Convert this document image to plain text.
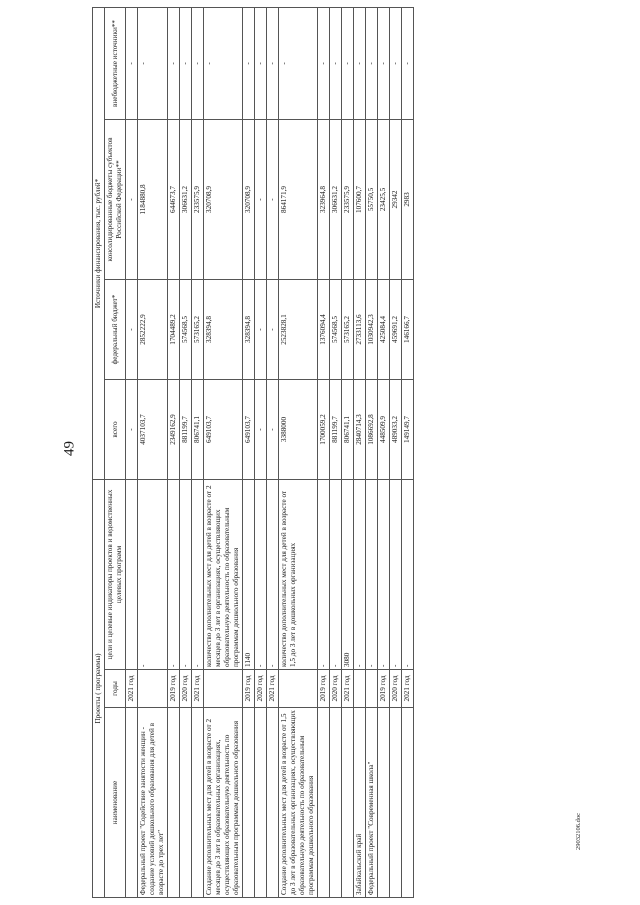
49
29032106.doc
Проекты ( программы)			Источники финансирования, тыс. рублей*			
наименование	годы	цели и целевые индикаторы проектов и ведомственных целевых программ	всего	федеральный бюджет*	консолидированные бюджеты субъектов Российской Федерации**	внебюджетные источники**
	2021 год		-	-	-	-
Федеральный проект "Содействие занятости женщин - создание условий дошкольного образования для детей в возрасте до трех лет"		-	4037103,7	2852222,9	1184880,8	-
	2019 год	-	2349162,9	1704489,2	644673,7	-
	2020 год	-	881199,7	574568,5	306631,2	-
	2021 год	-	806741,1	573165,2	233575,9	-
Создание дополнительных мест для детей в возрасте от 2 месяцев до 3 лет в образовательных организациях, осуществляющих образовательную деятельность по образовательным программам дошкольного образования		количество дополнительных мест для детей в возрасте от 2 месяцев до 3 лет в организациях, осуществляющих образовательную деятельность по образовательным программам дошкольного образования	649103,7	328394,8	320708,9	-
	2019 год	1140	649103,7	328394,8	320708,9	-
	2020 год	-	-	-	-	-
	2021 год	-	-	-	-	-
Создание дополнительных мест для детей в возрасте от 1,5 до 3 лет в образовательных организациях, осуществляющих образовательную деятельность по образовательным программам дошкольного образования		количество дополнительных мест для детей в возрасте от 1,5 до 3 лет в дошкольных организациях	3388000	2523828,1	864171,9	-
	2019 год	-	1700059,2	1376094,4	323964,8	-
	2020 год	-	881199,7	574568,5	306631,2	-
	2021 год	3080	806741,1	573165,2	233575,9	-
Забайкальский край		-	2840714,3	2733113,6	107600,7	-
Федеральный проект "Современная школа"		-	1086692,8	1030942,3	55750,5	-
	2019 год	-	448509,9	425084,4	23425,5	-
	2020 год	-	489033,2	459691,2	29342	-
	2021 год	-	149149,7	146166,7	2983	-
